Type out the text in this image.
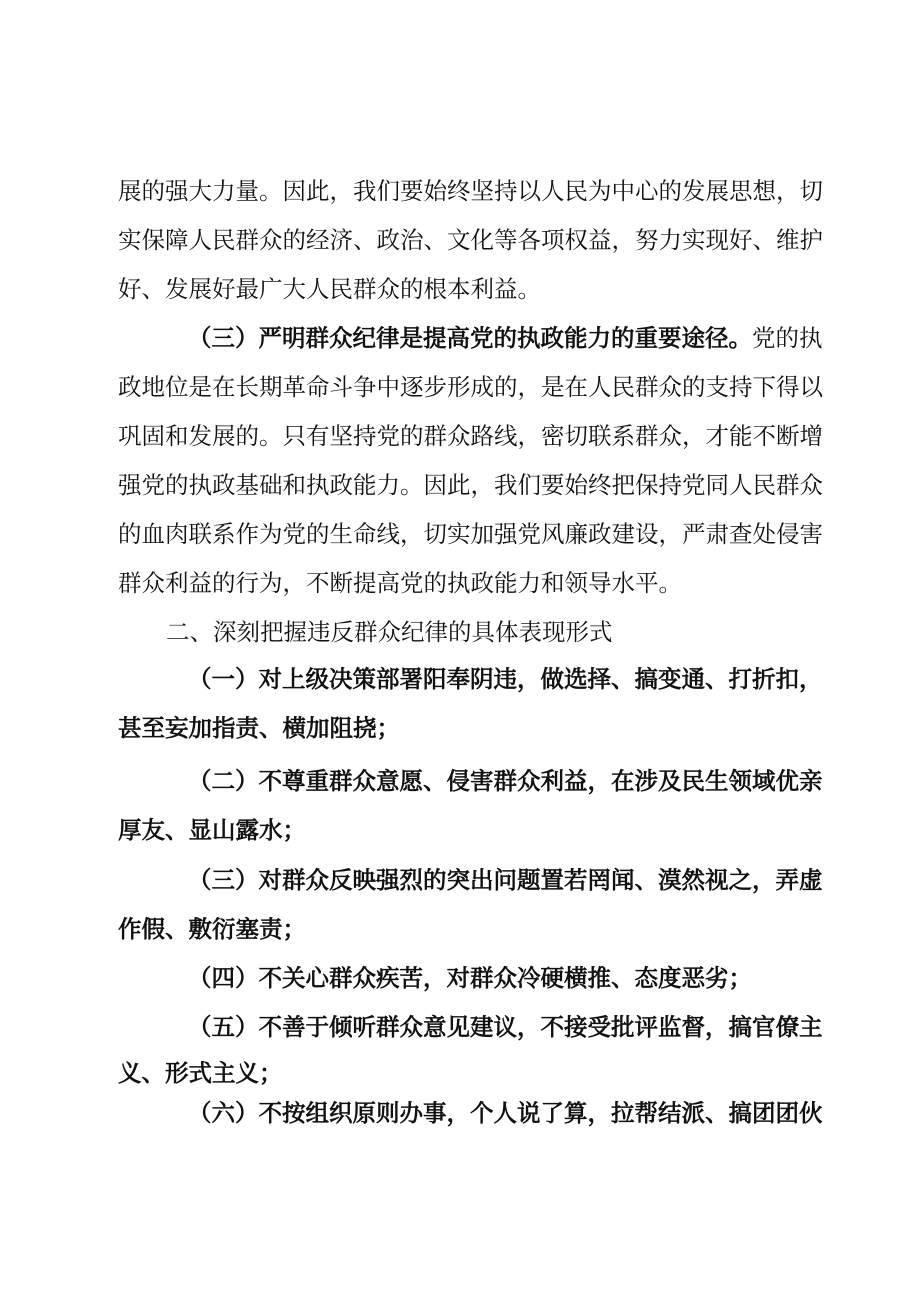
展的强大力量。因此，我们要始终坚持以人民为中心的发展思想，切
实保障人民群众的经济、政治、文化等各项权益，努力实现好、维护
好、发展好最广大人民群众的根本利益。
（三）严明群众纪律是提高党的执政能力的重要途径。党的执
政地位是在长期革命斗争中逐步形成的，是在人民群众的支持下得以
巩固和发展的。只有坚持党的群众路线，密切联系群众，才能不断增
强党的执政基础和执政能力。因此，我们要始终把保持党同人民群众
的血肉联系作为党的生命线，切实加强党风廉政建设，严肃查处侵害
群众利益的行为，不断提高党的执政能力和领导水平。
二、深刻把握违反群众纪律的具体表现形式
（一）对上级决策部署阳奉阴违，做选择、搞变通、打折扣，
甚至妄加指责、横加阻挠；
（二）不尊重群众意愿、侵害群众利益，在涉及民生领域优亲
厚友、显山露水；
（三）对群众反映强烈的突出问题置若罔闻、漠然视之，弄虚
作假、敷衍塞责；
（四）不关心群众疾苦，对群众冷硬横推、态度恶劣；
（五）不善于倾听群众意见建议，不接受批评监督，搞官僚主
义、形式主义；
（六）不按组织原则办事，个人说了算，拉帮结派、搞团团伙
